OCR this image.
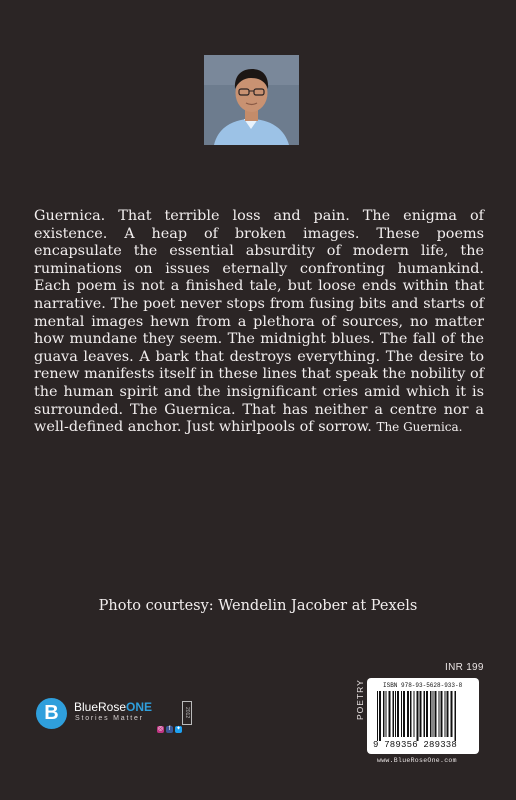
Guernica. That terrible loss and pain. The enigma of existence. A heap of broken images. These poems encapsulate the essential absurdity of modern life, the ruminations on issues eternally confronting humankind. Each poem is not a finished tale, but loose ends within that narrative. The poet never stops from fusing bits and starts of mental images hewn from a plethora of sources, no matter how mundane they seem. The midnight blues. The fall of the guava leaves. A bark that destroys everything. The desire to renew manifests itself in these lines that speak the nobility of the human spirit and the insignificant cries amid which it is surrounded. The Guernica. That has neither a centre nor a well-defined anchor. Just whirlpools of sorrow. The Guernica.
Photo courtesy: Wendelin Jacober at Pexels
INR 199
POETRY	ISBN 978-93-5628-933-8
9 789356 289338
www.BlueRoseOne.com
B	BlueRoseONE
Stories Matter	2012
◎ f ✦
